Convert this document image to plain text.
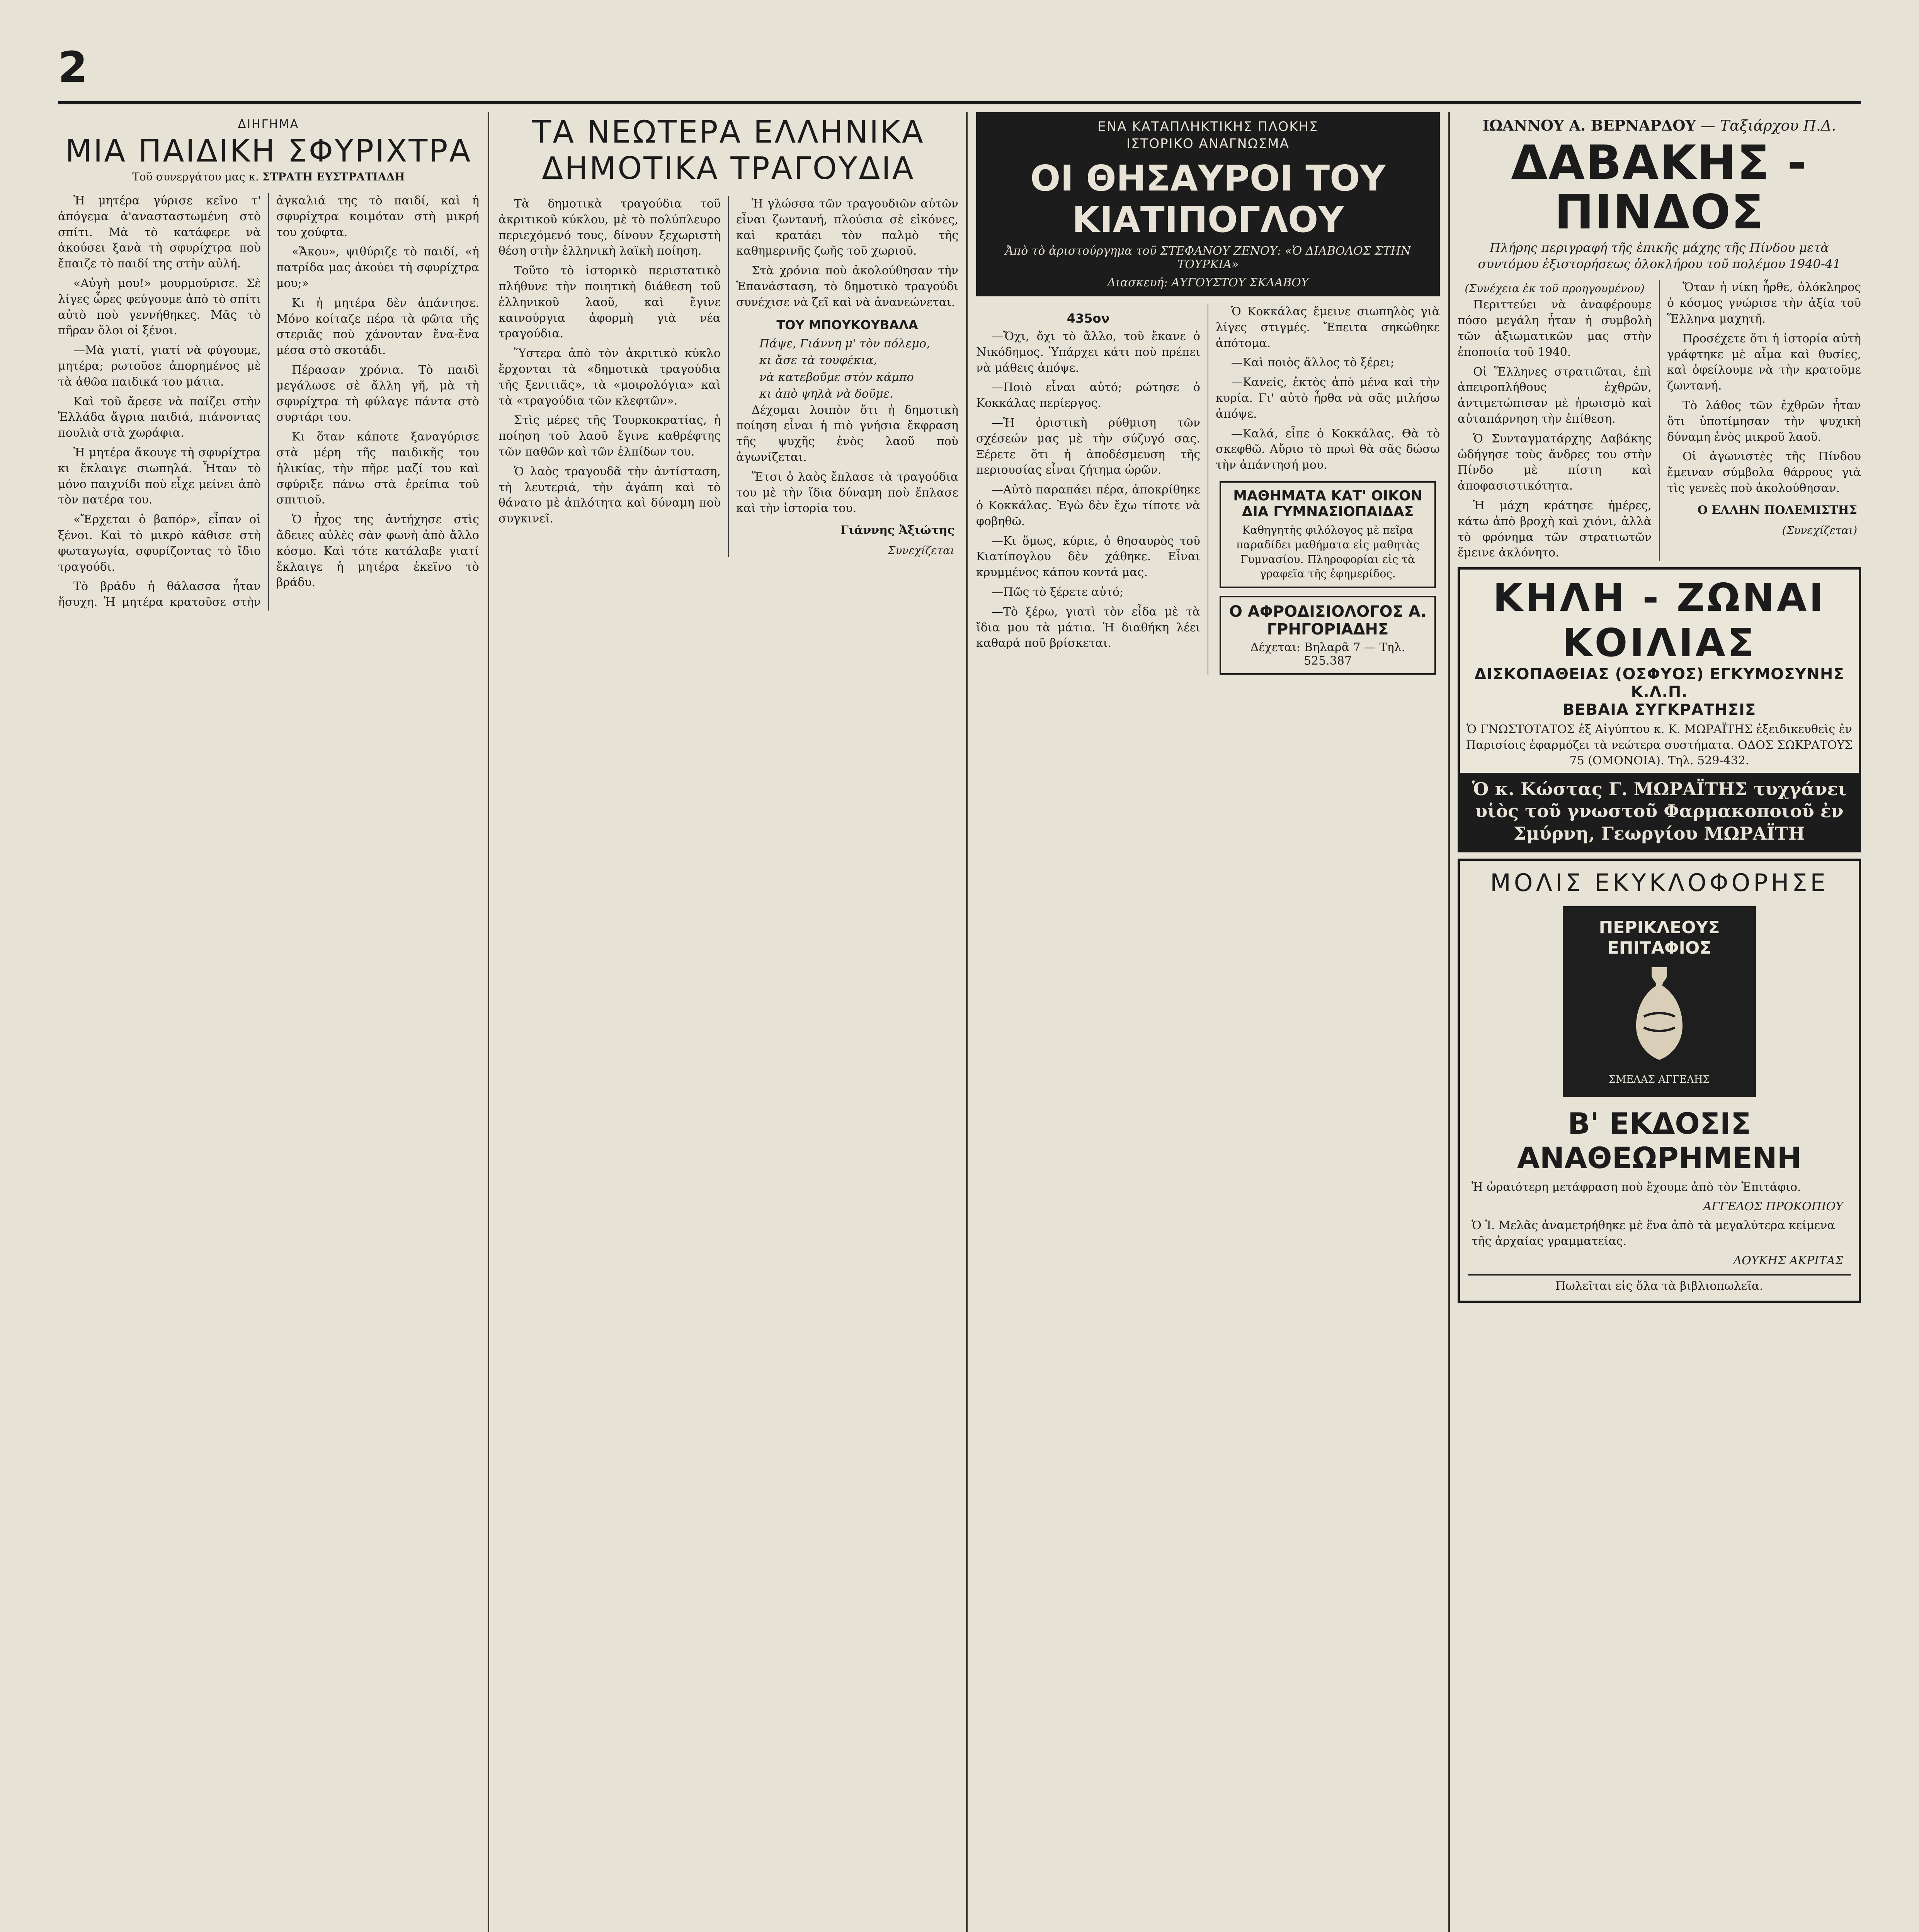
2
ΔΙΗΓΗΜΑ
ΜΙΑ ΠΑΙΔΙΚΗ ΣΦΥΡΙΧΤΡΑ
Τοῦ συνεργάτου μας κ. ΣΤΡΑΤΗ ΕΥΣΤΡΑΤΙΑΔΗ

Ἡ μητέρα γύρισε κεῖνο τ' ἀπόγεμα ἀ'ανασταστωμένη στὸ σπίτι. Μὰ τὸ κατάφερε νὰ ἀκούσει ξανὰ τὴ σφυρίχτρα ποὺ ἔπαιζε τὸ παιδί της στὴν αὐλή.

«Αὐγὴ μου!» μουρμούρισε. Σὲ λίγες ὧρες φεύγουμε ἀπὸ τὸ σπίτι αὐτὸ ποὺ γεννήθηκες. Μᾶς τὸ πῆραν ὅλοι οἱ ξένοι.

—Μὰ γιατί, γιατί νὰ φύγουμε, μητέρα; ρωτοῦσε ἀπορημένος μὲ τὰ ἀθῶα παιδικά του μάτια.

Καὶ τοῦ ἄρεσε νὰ παίζει στὴν Ἐλλάδα ἄγρια παιδιά, πιάνοντας πουλιὰ στὰ χωράφια.

Ἡ μητέρα ἄκουγε τὴ σφυρίχτρα κι ἔκλαιγε σιωπηλά. Ἦταν τὸ μόνο παιχνίδι ποὺ εἶχε μείνει ἀπὸ τὸν πατέρα του.

«Ἔρχεται ὁ βαπόρ», εἶπαν οἱ ξένοι. Καὶ τὸ μικρὸ κάθισε στὴ φωταγωγία, σφυρίζοντας τὸ ἴδιο τραγούδι.

Τὸ βράδυ ἡ θάλασσα ἦταν ἥσυχη. Ἡ μητέρα κρατοῦσε στὴν ἀγκαλιά της τὸ παιδί, καὶ ἡ σφυρίχτρα κοιμόταν στὴ μικρή του χούφτα.

«Ἄκου», ψιθύριζε τὸ παιδί, «ἡ πατρίδα μας ἀκούει τὴ σφυρίχτρα μου;»

Κι ἡ μητέρα δὲν ἀπάντησε. Μόνο κοίταζε πέρα τὰ φῶτα τῆς στεριᾶς ποὺ χάνονταν ἕνα-ἕνα μέσα στὸ σκοτάδι.

Πέρασαν χρόνια. Τὸ παιδὶ μεγάλωσε σὲ ἄλλη γῆ, μὰ τὴ σφυρίχτρα τὴ φύλαγε πάντα στὸ συρτάρι του.

Κι ὅταν κάποτε ξαναγύρισε στὰ μέρη τῆς παιδικῆς του ἡλικίας, τὴν πῆρε μαζί του καὶ σφύριξε πάνω στὰ ἐρείπια τοῦ σπιτιοῦ.

Ὁ ἦχος της ἀντήχησε στὶς ἄδειες αὐλὲς σὰν φωνὴ ἀπὸ ἄλλο κόσμο. Καὶ τότε κατάλαβε γιατί ἔκλαιγε ἡ μητέρα ἐκεῖνο τὸ βράδυ.

ΤΑ ΝΕΩΤΕΡΑ ΕΛΛΗΝΙΚΑ
ΔΗΜΟΤΙΚΑ ΤΡΑΓΟΥΔΙΑ

Τὰ δημοτικὰ τραγούδια τοῦ ἀκριτικοῦ κύκλου, μὲ τὸ πολύπλευρο περιεχόμενό τους, δίνουν ξεχωριστὴ θέση στὴν ἑλληνικὴ λαϊκὴ ποίηση.

Τοῦτο τὸ ἱστορικὸ περιστατικὸ πλήθυνε τὴν ποιητικὴ διάθεση τοῦ ἑλληνικοῦ λαοῦ, καὶ ἔγινε καινούργια ἀφορμὴ γιὰ νέα τραγούδια.

Ὕστερα ἀπὸ τὸν ἀκριτικὸ κύκλο ἔρχονται τὰ «δημοτικὰ τραγούδια τῆς ξενιτιᾶς», τὰ «μοιρολόγια» καὶ τὰ «τραγούδια τῶν κλεφτῶν».

Στὶς μέρες τῆς Τουρκοκρατίας, ἡ ποίηση τοῦ λαοῦ ἔγινε καθρέφτης τῶν παθῶν καὶ τῶν ἐλπίδων του.

Ὁ λαὸς τραγουδᾶ τὴν ἀντίσταση, τὴ λευτεριά, τὴν ἀγάπη καὶ τὸ θάνατο μὲ ἁπλότητα καὶ δύναμη ποὺ συγκινεῖ.

Ἡ γλώσσα τῶν τραγουδιῶν αὐτῶν εἶναι ζωντανή, πλούσια σὲ εἰκόνες, καὶ κρατάει τὸν παλμὸ τῆς καθημερινῆς ζωῆς τοῦ χωριοῦ.

Στὰ χρόνια ποὺ ἀκολούθησαν τὴν Ἐπανάσταση, τὸ δημοτικὸ τραγούδι συνέχισε νὰ ζεῖ καὶ νὰ ἀνανεώνεται.

ΤΟΥ ΜΠΟΥΚΟΥΒΑΛΑ
Πάψε, Γιάννη μ' τὸν πόλεμο,
κι ἄσε τὰ τουφέκια,
νὰ κατεβοῦμε στὸν κάμπο
κι ἀπὸ ψηλὰ νὰ δοῦμε.

Δέχομαι λοιπὸν ὅτι ἡ δημοτικὴ ποίηση εἶναι ἡ πιὸ γνήσια ἔκφραση τῆς ψυχῆς ἑνὸς λαοῦ ποὺ ἀγωνίζεται.

Ἔτσι ὁ λαὸς ἔπλασε τὰ τραγούδια του μὲ τὴν ἴδια δύναμη ποὺ ἔπλασε καὶ τὴν ἱστορία του.

Γιάννης Ἀξιώτης
Συνεχίζεται
ΕΝΑ ΚΑΤΑΠΛΗΚΤΙΚΗΣ ΠΛΟΚΗΣ
ΙΣΤΟΡΙΚΟ ΑΝΑΓΝΩΣΜΑ
ΟΙ ΘΗΣΑΥΡΟΙ ΤΟΥ ΚΙΑΤΙΠΟΓΛΟΥ
Ἀπὸ τὸ ἀριστούργημα τοῦ ΣΤΕΦΑΝΟΥ ΖΕΝΟΥ: «Ὁ ΔΙΑΒΟΛΟΣ ΣΤΗΝ ΤΟΥΡΚΙΑ»
Διασκευή: ΑΥΓΟΥΣΤΟΥ ΣΚΛΑΒΟΥ
435ον

—Ὄχι, ὄχι τὸ ἄλλο, τοῦ ἔκανε ὁ Νικόδημος. Ὑπάρχει κάτι ποὺ πρέπει νὰ μάθεις ἀπόψε.

—Ποιὸ εἶναι αὐτό; ρώτησε ὁ Κοκκάλας περίεργος.

—Ἡ ὁριστικὴ ρύθμιση τῶν σχέσεών μας μὲ τὴν σύζυγό σας. Ξέρετε ὅτι ἡ ἀποδέσμευση τῆς περιουσίας εἶναι ζήτημα ὡρῶν.

—Αὐτὸ παραπάει πέρα, ἀποκρίθηκε ὁ Κοκκάλας. Ἐγὼ δὲν ἔχω τίποτε νὰ φοβηθῶ.

—Κι ὅμως, κύριε, ὁ θησαυρὸς τοῦ Κιατίπογλου δὲν χάθηκε. Εἶναι κρυμμένος κάπου κοντά μας.

—Πῶς τὸ ξέρετε αὐτό;

—Τὸ ξέρω, γιατὶ τὸν εἶδα μὲ τὰ ἴδια μου τὰ μάτια. Ἡ διαθήκη λέει καθαρά ποῦ βρίσκεται.

Ὁ Κοκκάλας ἔμεινε σιωπηλὸς γιὰ λίγες στιγμές. Ἔπειτα σηκώθηκε ἀπότομα.

—Καὶ ποιὸς ἄλλος τὸ ξέρει;

—Κανείς, ἐκτὸς ἀπὸ μένα καὶ τὴν κυρία. Γι' αὐτὸ ἦρθα νὰ σᾶς μιλήσω ἀπόψε.

—Καλά, εἶπε ὁ Κοκκάλας. Θὰ τὸ σκεφθῶ. Αὔριο τὸ πρωὶ θὰ σᾶς δώσω τὴν ἀπάντησή μου.

ΜΑΘΗΜΑΤΑ ΚΑΤ' ΟΙΚΟΝ ΔΙΑ ΓΥΜΝΑΣΙΟΠΑΙΔΑΣ
Καθηγητὴς φιλόλογος μὲ πεῖρα παραδίδει μαθήματα εἰς μαθητὰς Γυμνασίου. Πληροφορίαι εἰς τὰ γραφεῖα τῆς ἐφημερίδος.
Ο ΑΦΡΟΔΙΣΙΟΛΟΓΟΣ Α. ΓΡΗΓΟΡΙΑΔΗΣ
Δέχεται: Βηλαρᾶ 7 — Τηλ. 525.387
ΙΩΑΝΝΟΥ Α. ΒΕΡΝΑΡΔΟΥ — Ταξιάρχου Π.Δ.
ΔΑΒΑΚΗΣ - ΠΙΝΔΟΣ
Πλήρης περιγραφή τῆς ἐπικῆς μάχης τῆς Πίνδου μετὰ συντόμου ἐξιστορήσεως ὁλοκλήρου τοῦ πολέμου 1940-41
(Συνέχεια ἐκ τοῦ προηγουμένου)

Περιττεύει νὰ ἀναφέρουμε πόσο μεγάλη ἦταν ἡ συμβολὴ τῶν ἀξιωματικῶν μας στὴν ἐποποιία τοῦ 1940.

Οἱ Ἕλληνες στρατιῶται, ἐπὶ ἀπειροπλήθους ἐχθρῶν, ἀντιμετώπισαν μὲ ἡρωισμὸ καὶ αὐταπάρνηση τὴν ἐπίθεση.

Ὁ Συνταγματάρχης Δαβάκης ὡδήγησε τοὺς ἄνδρες του στὴν Πίνδο μὲ πίστη καὶ ἀποφασιστικότητα.

Ἡ μάχη κράτησε ἡμέρες, κάτω ἀπὸ βροχὴ καὶ χιόνι, ἀλλὰ τὸ φρόνημα τῶν στρατιωτῶν ἔμεινε ἀκλόνητο.

Ὅταν ἡ νίκη ἦρθε, ὁλόκληρος ὁ κόσμος γνώρισε τὴν ἀξία τοῦ Ἕλληνα μαχητῆ.

Προσέχετε ὅτι ἡ ἱστορία αὐτὴ γράφτηκε μὲ αἷμα καὶ θυσίες, καὶ ὀφείλουμε νὰ τὴν κρατοῦμε ζωντανή.

Τὸ λάθος τῶν ἐχθρῶν ἦταν ὅτι ὑποτίμησαν τὴν ψυχικὴ δύναμη ἑνὸς μικροῦ λαοῦ.

Οἱ ἀγωνιστὲς τῆς Πίνδου ἔμειναν σύμβολα θάρρους γιὰ τὶς γενεὲς ποὺ ἀκολούθησαν.

Ο ΕΛΛΗΝ ΠΟΛΕΜΙΣΤΗΣ
(Συνεχίζεται)
ΚΗΛΗ - ΖΩΝΑΙ ΚΟΙΛΙΑΣ
ΔΙΣΚΟΠΑΘΕΙΑΣ (ΟΣΦΥΟΣ) ΕΓΚΥΜΟΣΥΝΗΣ Κ.Λ.Π.
ΒΕΒΑΙΑ ΣΥΓΚΡΑΤΗΣΙΣ
Ὁ ΓΝΩΣΤΟΤΑΤΟΣ ἐξ Αἰγύπτου κ. Κ. ΜΩΡΑΪΤΗΣ ἐξειδικευθεὶς ἐν Παρισίοις ἐφαρμόζει τὰ νεώτερα συστήματα. ΟΔΟΣ ΣΩΚΡΑΤΟΥΣ 75 (ΟΜΟΝΟΙΑ). Τηλ. 529-432.
Ὁ κ. Κώστας Γ. ΜΩΡΑΪΤΗΣ τυχγάνει υἱὸς τοῦ γνωστοῦ Φαρμακοποιοῦ ἐν Σμύρνη, Γεωργίου ΜΩΡΑΪΤΗ
ΜΟΛΙΣ ΕΚΥΚΛΟΦΟΡΗΣΕ
ΠΕΡΙΚΛΕΟΥΣ ΕΠΙΤΑΦΙΟΣ
ΣΜΕΛΑΣ ΑΓΓΕΛΗΣ
Β' ΕΚΔΟΣΙΣ ΑΝΑΘΕΩΡΗΜΕΝΗ
Ἡ ὡραιότερη μετάφραση ποὺ ἔχουμε ἀπὸ τὸν Ἐπιτάφιο.
ΑΓΓΕΛΟΣ ΠΡΟΚΟΠΙΟΥ
Ὁ Ἰ. Μελᾶς ἀναμετρήθηκε μὲ ἕνα ἀπὸ τὰ μεγαλύτερα κείμενα τῆς ἀρχαίας γραμματείας.
ΛΟΥΚΗΣ ΑΚΡΙΤΑΣ
Πωλεῖται εἰς ὅλα τὰ βιβλιοπωλεῖα.
